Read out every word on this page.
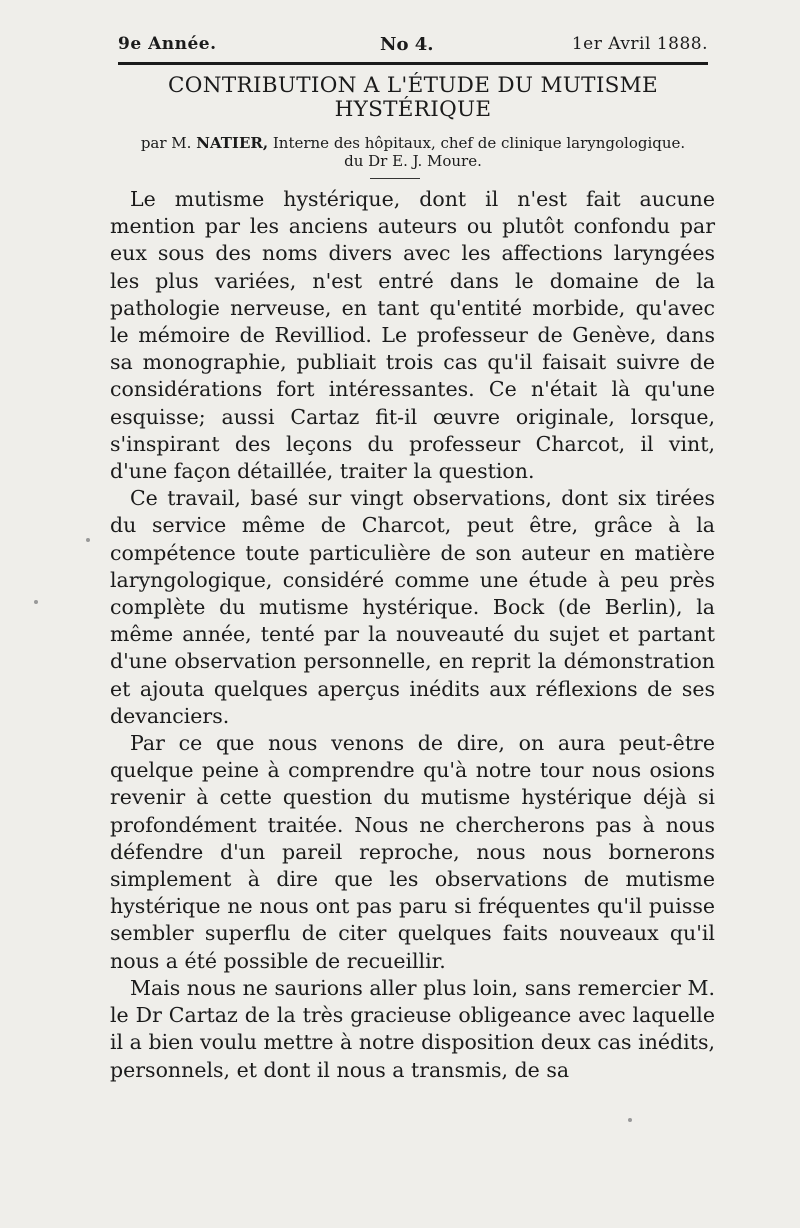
9e Année.	No 4.	1er Avril 1888.
CONTRIBUTION A L'ÉTUDE DU MUTISME
HYSTÉRIQUE
par M. NATIER, Interne des hôpitaux, chef de clinique laryngologique.
du Dr E. J. Moure.

Le mutisme hystérique, dont il n'est fait aucune mention par les anciens auteurs ou plutôt confondu par eux sous des noms divers avec les affections laryngées les plus variées, n'est entré dans le domaine de la pathologie nerveuse, en tant qu'entité morbide, qu'avec le mémoire de Revilliod. Le professeur de Genève, dans sa monographie, publiait trois cas qu'il faisait suivre de considérations fort intéressantes. Ce n'était là qu'une esquisse; aussi Cartaz fit-il œuvre originale, lorsque, s'inspirant des leçons du professeur Charcot, il vint, d'une façon détaillée, traiter la question.

Ce travail, basé sur vingt observations, dont six tirées du service même de Charcot, peut être, grâce à la compétence toute particulière de son auteur en matière laryngologique, considéré comme une étude à peu près complète du mutisme hystérique. Bock (de Berlin), la même année, tenté par la nouveauté du sujet et partant d'une observation personnelle, en reprit la démonstration et ajouta quelques aperçus inédits aux réflexions de ses devanciers.

Par ce que nous venons de dire, on aura peut-être quelque peine à comprendre qu'à notre tour nous osions revenir à cette question du mutisme hystérique déjà si profondément traitée. Nous ne chercherons pas à nous défendre d'un pareil reproche, nous nous bornerons simplement à dire que les observations de mutisme hystérique ne nous ont pas paru si fréquentes qu'il puisse sembler superflu de citer quelques faits nouveaux qu'il nous a été possible de recueillir.

Mais nous ne saurions aller plus loin, sans remercier M. le Dr Cartaz de la très gracieuse obligeance avec laquelle il a bien voulu mettre à notre disposition deux cas inédits, personnels, et dont il nous a transmis, de sa
